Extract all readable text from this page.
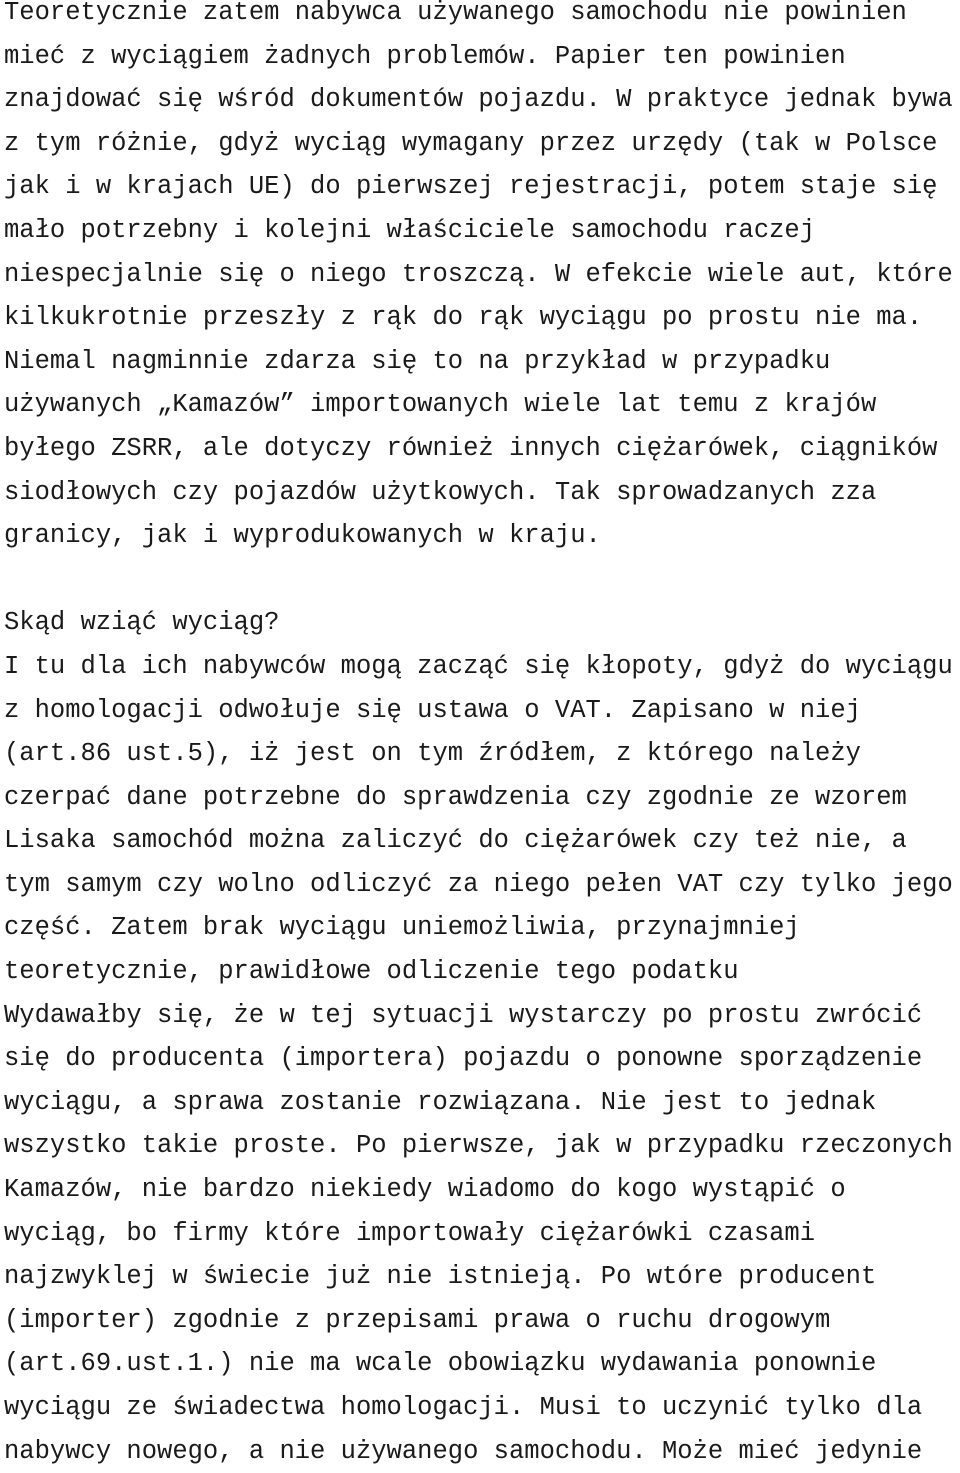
Teoretycznie zatem nabywca używanego samochodu nie powinien
mieć z wyciągiem żadnych problemów. Papier ten powinien
znajdować się wśród dokumentów pojazdu. W praktyce jednak bywa
z tym różnie, gdyż wyciąg wymagany przez urzędy (tak w Polsce
jak i w krajach UE) do pierwszej rejestracji, potem staje się
mało potrzebny i kolejni właściciele samochodu raczej
niespecjalnie się o niego troszczą. W efekcie wiele aut, które
kilkukrotnie przeszły z rąk do rąk wyciągu po prostu nie ma.
Niemal nagminnie zdarza się to na przykład w przypadku
używanych „Kamazów” importowanych wiele lat temu z krajów
byłego ZSRR, ale dotyczy również innych ciężarówek, ciągników
siodłowych czy pojazdów użytkowych. Tak sprowadzanych zza
granicy, jak i wyprodukowanych w kraju.
Skąd wziąć wyciąg?
I tu dla ich nabywców mogą zacząć się kłopoty, gdyż do wyciągu
z homologacji odwołuje się ustawa o VAT. Zapisano w niej
(art.86 ust.5), iż jest on tym źródłem, z którego należy
czerpać dane potrzebne do sprawdzenia czy zgodnie ze wzorem
Lisaka samochód można zaliczyć do ciężarówek czy też nie, a
tym samym czy wolno odliczyć za niego pełen VAT czy tylko jego
część. Zatem brak wyciągu uniemożliwia, przynajmniej
teoretycznie, prawidłowe odliczenie tego podatku
Wydawałby się, że w tej sytuacji wystarczy po prostu zwrócić
się do producenta (importera) pojazdu o ponowne sporządzenie
wyciągu, a sprawa zostanie rozwiązana. Nie jest to jednak
wszystko takie proste. Po pierwsze, jak w przypadku rzeczonych
Kamazów, nie bardzo niekiedy wiadomo do kogo wystąpić o
wyciąg, bo firmy które importowały ciężarówki czasami
najzwyklej w świecie już nie istnieją. Po wtóre producent
(importer) zgodnie z przepisami prawa o ruchu drogowym
(art.69.ust.1.) nie ma wcale obowiązku wydawania ponownie
wyciągu ze świadectwa homologacji. Musi to uczynić tylko dla
nabywcy nowego, a nie używanego samochodu. Może mieć jedynie
